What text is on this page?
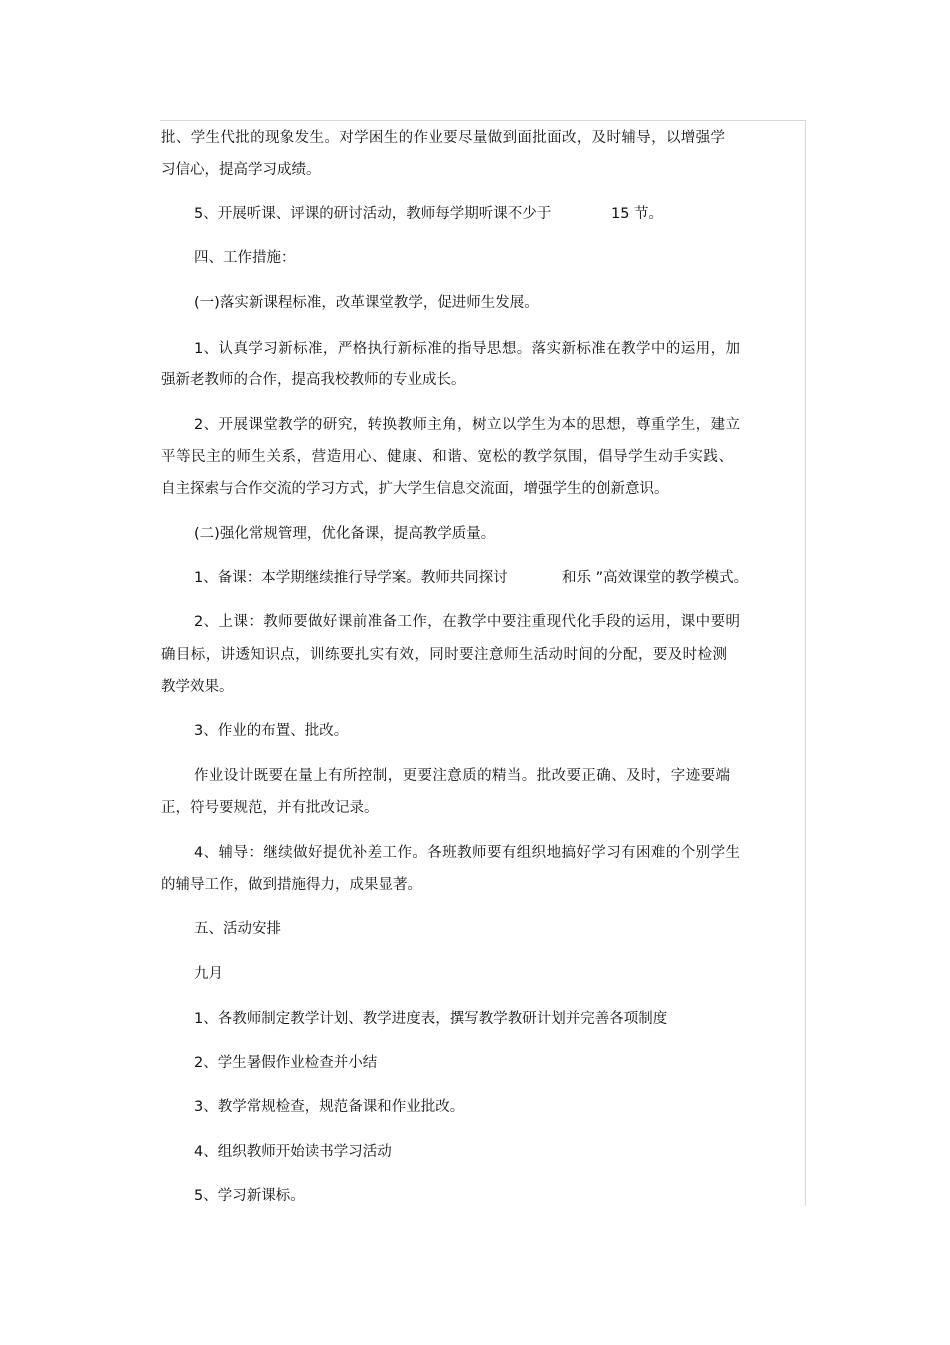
批、学生代批的现象发生。对学困生的作业要尽量做到面批面改，及时辅导，以增强学
习信心，提高学习成绩。
5、开展听课、评课的研讨活动，教师每学期听课不少于	15 节。
四、工作措施：
(一)落实新课程标准，改革课堂教学，促进师生发展。
1、认真学习新标准，严格执行新标准的指导思想。落实新标准在教学中的运用，加
强新老教师的合作，提高我校教师的专业成长。
2、开展课堂教学的研究，转换教师主角，树立以学生为本的思想，尊重学生，建立
平等民主的师生关系，营造用心、健康、和谐、宽松的教学氛围，倡导学生动手实践、
自主探索与合作交流的学习方式，扩大学生信息交流面，增强学生的创新意识。
(二)强化常规管理，优化备课，提高教学质量。
1、备课：本学期继续推行导学案。教师共同探讨	和乐 ”高效课堂的教学模式。
2、上课：教师要做好课前准备工作，在教学中要注重现代化手段的运用，课中要明
确目标，讲透知识点，训练要扎实有效，同时要注意师生活动时间的分配，要及时检测
教学效果。
3、作业的布置、批改。
作业设计既要在量上有所控制，更要注意质的精当。批改要正确、及时，字迹要端
正，符号要规范，并有批改记录。
4、辅导：继续做好提优补差工作。各班教师要有组织地搞好学习有困难的个别学生
的辅导工作，做到措施得力，成果显著。
五、活动安排
九月
1、各教师制定教学计划、教学进度表，撰写教学教研计划并完善各项制度
2、学生暑假作业检查并小结
3、教学常规检查，规范备课和作业批改。
4、组织教师开始读书学习活动
5、学习新课标。
